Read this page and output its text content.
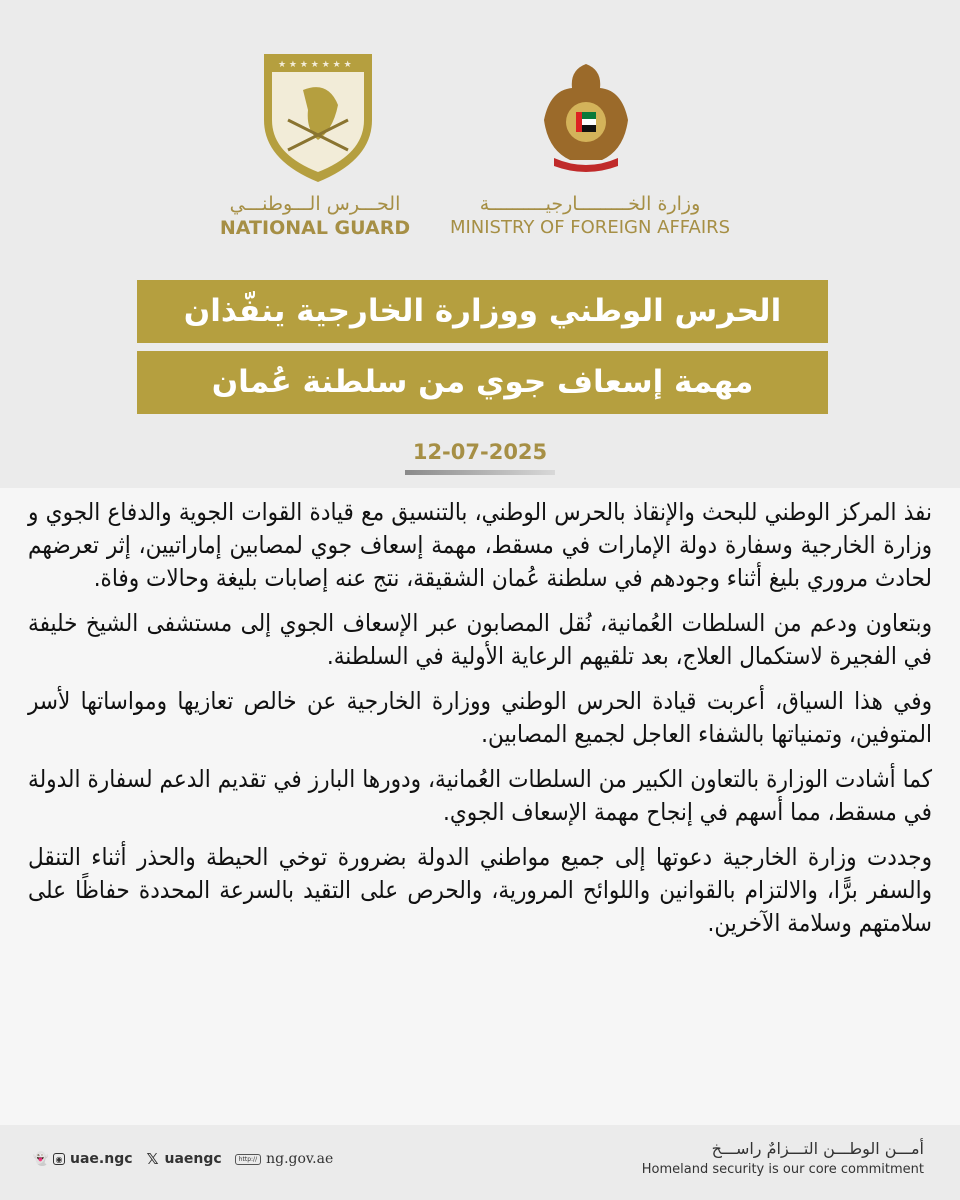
★ ★ ★ ★ ★ ★ ★
الحـــرس الـــوطنـــي
NATIONAL GUARD
وزارة الخـــــــــارجيــــــــــة
MINISTRY OF FOREIGN AFFAIRS
الحرس الوطني ووزارة الخارجية ينفّذان
مهمة إسعاف جوي من سلطنة عُمان
12-07-2025

نفذ المركز الوطني للبحث والإنقاذ بالحرس الوطني، بالتنسيق مع قيادة القوات الجوية والدفاع الجوي و وزارة الخارجية وسفارة دولة الإمارات في مسقط، مهمة إسعاف جوي لمصابين إماراتيين، إثر تعرضهم لحادث مروري بليغ أثناء وجودهم في سلطنة عُمان الشقيقة، نتج عنه إصابات بليغة وحالات وفاة.

وبتعاون ودعم من السلطات العُمانية، نُقل المصابون عبر الإسعاف الجوي إلى مستشفى الشيخ خليفة في الفجيرة لاستكمال العلاج، بعد تلقيهم الرعاية الأولية في السلطنة.

وفي هذا السياق، أعربت قيادة الحرس الوطني ووزارة الخارجية عن خالص تعازيها ومواساتها لأسر المتوفين، وتمنياتها بالشفاء العاجل لجميع المصابين.

كما أشادت الوزارة بالتعاون الكبير من السلطات العُمانية، ودورها البارز في تقديم الدعم لسفارة الدولة في مسقط، مما أسهم في إنجاح مهمة الإسعاف الجوي.

وجددت وزارة الخارجية دعوتها إلى جميع مواطني الدولة بضرورة توخي الحيطة والحذر أثناء التنقل والسفر برًّا، والالتزام بالقوانين واللوائح المرورية، والحرص على التقيد بالسرعة المحددة حفاظًا على سلامتهم وسلامة الآخرين.

👻 ◉ uae.ngc 𝕏 uaengc	http:// ng.gov.ae
أمـــن الوطـــن التـــزامٌ راســـخ
Homeland security is our core commitment
